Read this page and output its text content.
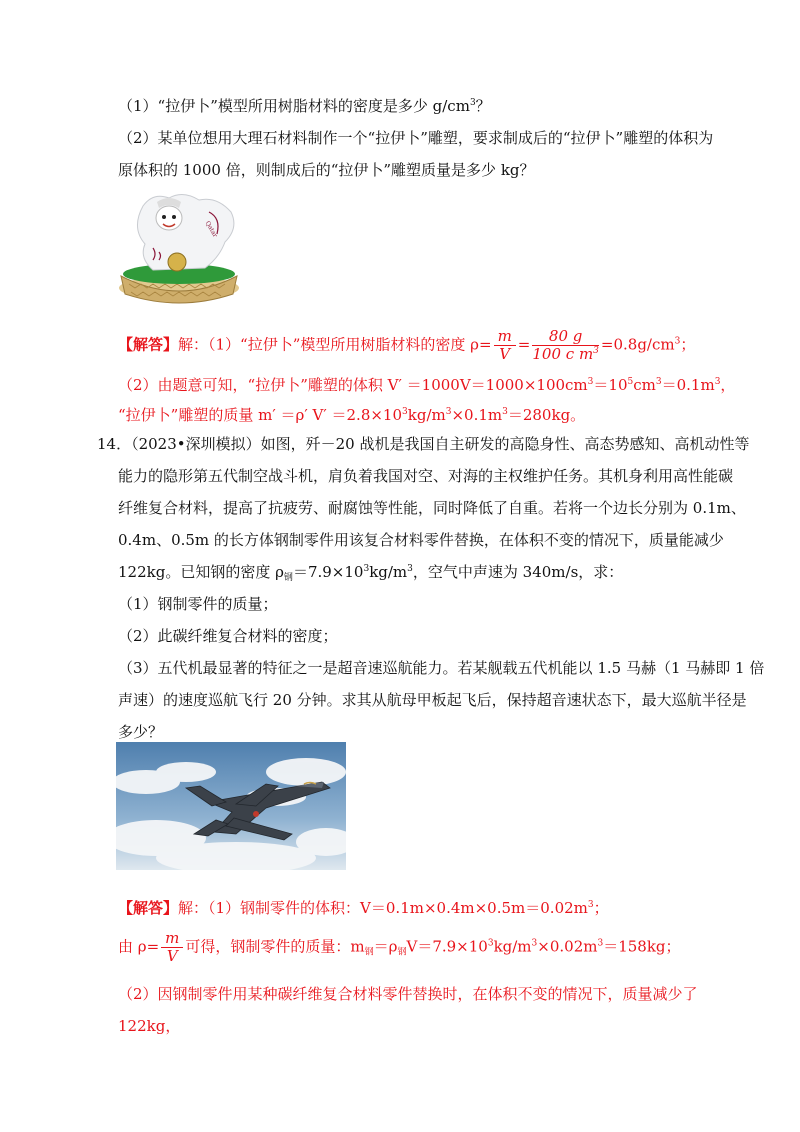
（1）“拉伊卜”模型所用树脂材料的密度是多少 $g/cm^3$？
（2）某单位想用大理石材料制作一个“拉伊卜”雕塑，要求制成后的“拉伊卜”雕塑的体积为
原体积的 1000 倍，则制成后的“拉伊卜”雕塑质量是多少 kg？
Qatar
【解答】解：（1）“拉伊卜”模型所用树脂材料的密度 $\rho= \frac{m}{V} = \frac{80 g}{100 c m^3} =0.8g/cm^3$；
（2）由题意可知，“拉伊卜”雕塑的体积 $V' =1000V=1000\times 100cm^3=10^5cm^3=0.1m^3$，
“拉伊卜”雕塑的质量 m′ ＝ρ′ $V' =2.8\times 10^3kg/m^3\times 0.1m^3=280kg$。
14．（2023•深圳模拟）如图，歼－20 战机是我国自主研发的高隐身性、高态势感知、高机动性等
能力的隐形第五代制空战斗机，肩负着我国对空、对海的主权维护任务。其机身利用高性能碳
纤维复合材料，提高了抗疲劳、耐腐蚀等性能，同时降低了自重。若将一个边长分别为 0.1m、
0.4m、0.5m 的长方体钢制零件用该复合材料零件替换，在体积不变的情况下，质量能减少
122kg。已知钢的密度 $\rho_钢=7.9\times 10^3kg/m^3$，空气中声速为 340m/s，求：
（1）钢制零件的质量；
（2）此碳纤维复合材料的密度；
（3）五代机最显著的特征之一是超音速巡航能力。若某舰载五代机能以 1.5 马赫（1 马赫即 1 倍
声速）的速度巡航飞行 20 分钟。求其从航母甲板起飞后，保持超音速状态下，最大巡航半径是
多少？
【解答】解：（1）钢制零件的体积：$V=0.1m\times 0.4m\times 0.5m=0.02m^3$；
由 $\rho= \frac{m}{V}$ 可得，钢制零件的质量：$m_钢=\rho_钢V=7.9\times 10^3kg/m^3\times 0.02m^3=158kg$；
（2）因钢制零件用某种碳纤维复合材料零件替换时，在体积不变的情况下，质量减少了
122kg，
